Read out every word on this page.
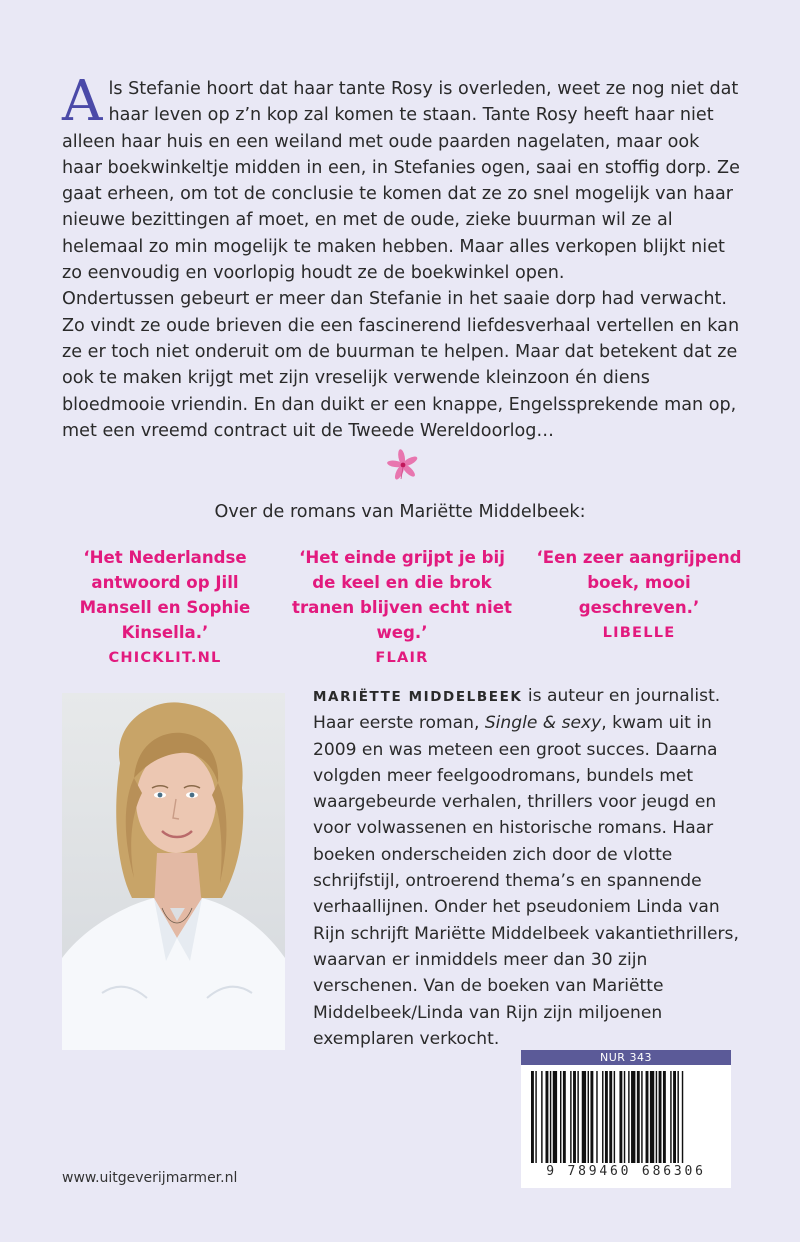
Als Stefanie hoort dat haar tante Rosy is overleden, weet ze nog niet dat haar leven op z’n kop zal komen te staan. Tante Rosy heeft haar niet alleen haar huis en een weiland met oude paarden nagelaten, maar ook haar boekwinkeltje midden in een, in Stefanies ogen, saai en stoffig dorp. Ze gaat erheen, om tot de conclusie te komen dat ze zo snel mogelijk van haar nieuwe bezittingen af moet, en met de oude, zieke buurman wil ze al helemaal zo min mogelijk te maken hebben. Maar alles verkopen blijkt niet zo eenvoudig en voorlopig houdt ze de boekwinkel open.

Ondertussen gebeurt er meer dan Stefanie in het saaie dorp had verwacht. Zo vindt ze oude brieven die een fascinerend liefdesverhaal vertellen en kan ze er toch niet onderuit om de buurman te helpen. Maar dat betekent dat ze ook te maken krijgt met zijn vreselijk verwende kleinzoon én diens bloedmooie vriendin. En dan duikt er een knappe, Engelssprekende man op, met een vreemd contract uit de Tweede Wereldoorlog…

Over de romans van Mariëtte Middelbeek:
‘Het Nederlandse antwoord op Jill Mansell en Sophie Kinsella.’
CHICKLIT.NL
‘Het einde grijpt je bij de keel en die brok tranen blijven echt niet weg.’
FLAIR
‘Een zeer aangrijpend boek, mooi geschreven.’
LIBELLE

MARIËTTE MIDDELBEEK is auteur en journalist. Haar eerste roman, Single & sexy, kwam uit in 2009 en was meteen een groot succes. Daarna volgden meer feelgoodromans, bundels met waargebeurde verhalen, thrillers voor jeugd en voor volwassenen en historische romans. Haar boeken onderscheiden zich door de vlotte schrijfstijl, ontroerend thema’s en spannende verhaallijnen. Onder het pseudoniem Linda van Rijn schrijft Mariëtte Middelbeek vakantiethrillers, waarvan er inmiddels meer dan 30 zijn verschenen. Van de boeken van Mariëtte Middelbeek/Linda van Rijn zijn miljoenen exemplaren verkocht.

NUR 343
9 789460 686306
www.uitgeverijmarmer.nl
